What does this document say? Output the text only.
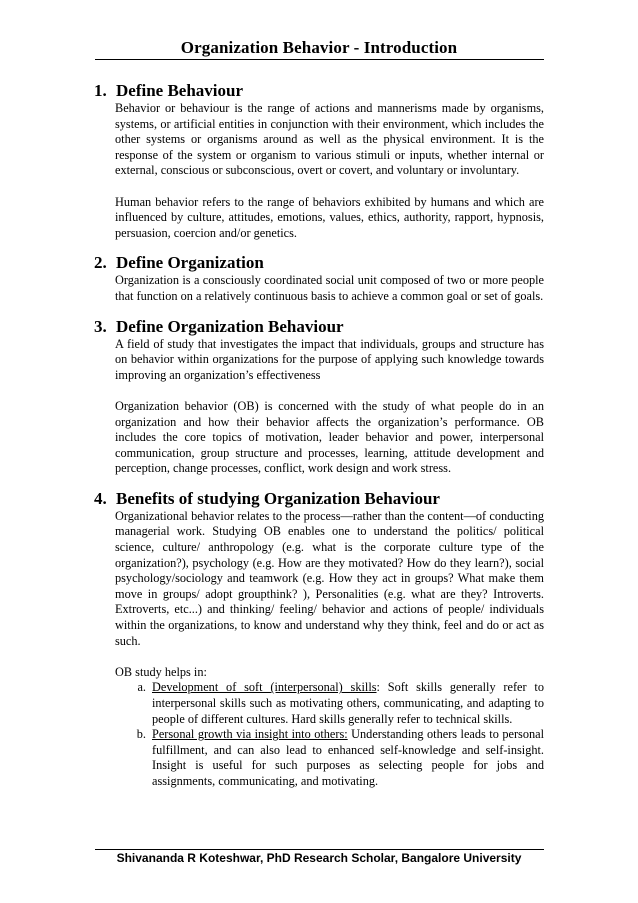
Organization Behavior - Introduction
1. Define Behaviour

Behavior or behaviour is the range of actions and mannerisms made by organisms, systems, or artificial entities in conjunction with their environment, which includes the other systems or organisms around as well as the physical environment. It is the response of the system or organism to various stimuli or inputs, whether internal or external, conscious or subconscious, overt or covert, and voluntary or involuntary.

Human behavior refers to the range of behaviors exhibited by humans and which are influenced by culture, attitudes, emotions, values, ethics, authority, rapport, hypnosis, persuasion, coercion and/or genetics.

2. Define Organization

Organization is a consciously coordinated social unit composed of two or more people that function on a relatively continuous basis to achieve a common goal or set of goals.

3. Define Organization Behaviour

A field of study that investigates the impact that individuals, groups and structure has on behavior within organizations for the purpose of applying such knowledge towards improving an organization’s effectiveness

Organization behavior (OB) is concerned with the study of what people do in an organization and how their behavior affects the organization’s performance. OB includes the core topics of motivation, leader behavior and power, interpersonal communication, group structure and processes, learning, attitude development and perception, change processes, conflict, work design and work stress.

4. Benefits of studying Organization Behaviour

Organizational behavior relates to the process—rather than the content—of conducting managerial work. Studying OB enables one to understand the politics/ political science, culture/ anthropology (e.g. what is the corporate culture type of the organization?), psychology (e.g. How are they motivated? How do they learn?), social psychology/sociology and teamwork (e.g. How they act in groups? What make them move in groups/ adopt groupthink? ), Personalities (e.g. what are they? Introverts. Extroverts, etc...) and thinking/ feeling/ behavior and actions of people/ individuals within the organizations, to know and understand why they think, feel and do or act as such.

OB study helps in:

a. Development of soft (interpersonal) skills: Soft skills generally refer to interpersonal skills such as motivating others, communicating, and adapting to people of different cultures. Hard skills generally refer to technical skills.
b. Personal growth via insight into others: Understanding others leads to personal fulfillment, and can also lead to enhanced self-knowledge and self-insight. Insight is useful for such purposes as selecting people for jobs and assignments, communicating, and motivating.
Shivananda R Koteshwar, PhD Research Scholar, Bangalore University
